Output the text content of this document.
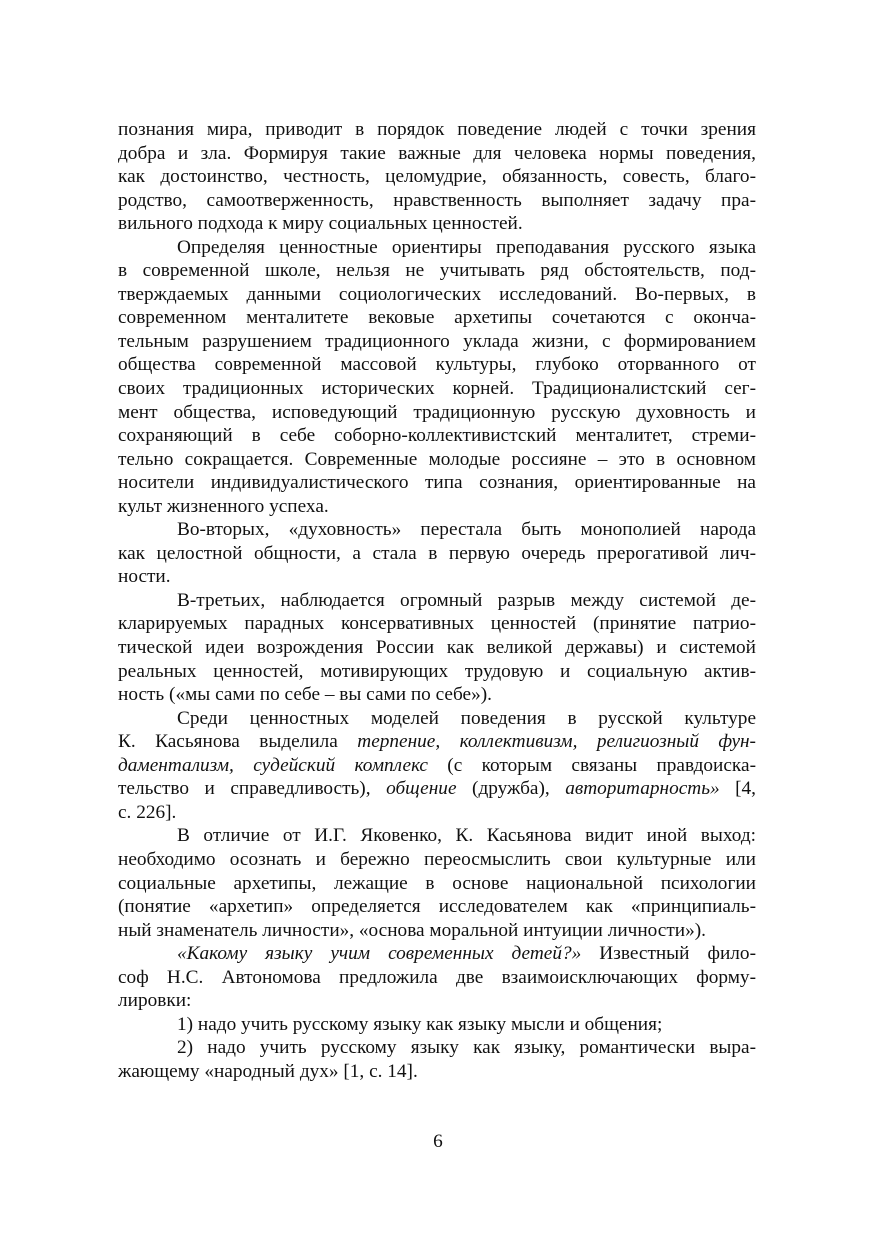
познания мира, приводит в порядок поведение людей с точки зрения
добра и зла. Формируя такие важные для человека нормы поведения,
как достоинство, честность, целомудрие, обязанность, совесть, благо-
родство, самоотверженность, нравственность выполняет задачу пра-
вильного подхода к миру социальных ценностей.
Определяя ценностные ориентиры преподавания русского языка
в современной школе, нельзя не учитывать ряд обстоятельств, под-
тверждаемых данными социологических исследований. Во-первых, в
современном менталитете вековые архетипы сочетаются с оконча-
тельным разрушением традиционного уклада жизни, с формированием
общества современной массовой культуры, глубоко оторванного от
своих традиционных исторических корней. Традиционалистский сег-
мент общества, исповедующий традиционную русскую духовность и
сохраняющий в себе соборно-коллективистский менталитет, стреми-
тельно сокращается. Современные молодые россияне – это в основном
носители индивидуалистического типа сознания, ориентированные на
культ жизненного успеха.
Во-вторых, «духовность» перестала быть монополией народа
как целостной общности, а стала в первую очередь прерогативой лич-
ности.
В-третьих, наблюдается огромный разрыв между системой де-
кларируемых парадных консервативных ценностей (принятие патрио-
тической идеи возрождения России как великой державы) и системой
реальных ценностей, мотивирующих трудовую и социальную актив-
ность («мы сами по себе – вы сами по себе»).
Среди ценностных моделей поведения в русской культуре
К. Касьянова выделила терпение, коллективизм, религиозный фун-
даментализм, судейский комплекс (с которым связаны правдоиска-
тельство и справедливость), общение (дружба), авторитарность» [4,
с. 226].
В отличие от И.Г. Яковенко, К. Касьянова видит иной выход:
необходимо осознать и бережно переосмыслить свои культурные или
социальные архетипы, лежащие в основе национальной психологии
(понятие «архетип» определяется исследователем как «принципиаль-
ный знаменатель личности», «основа моральной интуиции личности»).
«Какому языку учим современных детей?» Известный фило-
соф Н.С. Автономова предложила две взаимоисключающих форму-
лировки:
1) надо учить русскому языку как языку мысли и общения;
2) надо учить русскому языку как языку, романтически выра-
жающему «народный дух» [1, с. 14].
6
